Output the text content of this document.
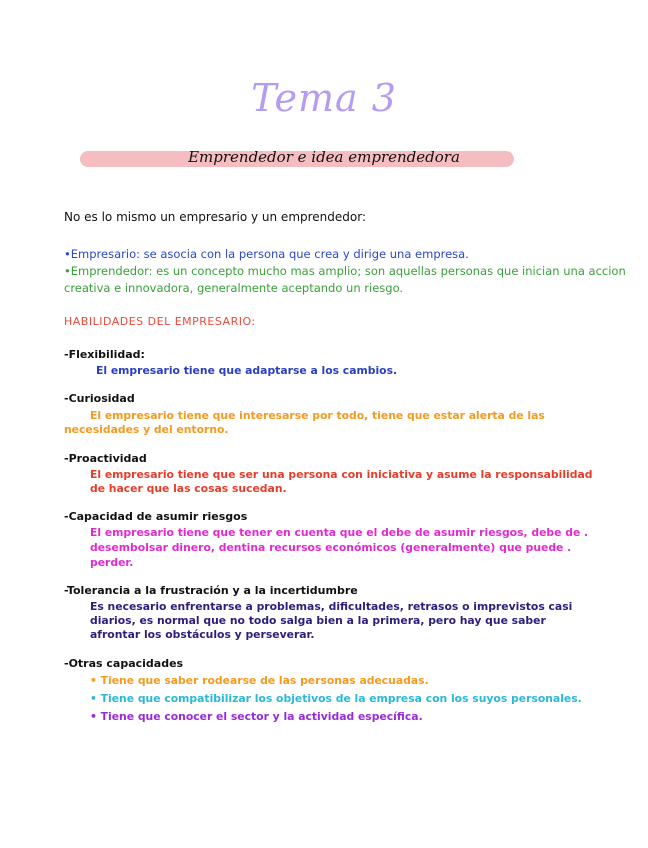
Tema 3
Emprendedor e idea emprendedora
No es lo mismo un empresario y un emprendedor:
•Empresario: se asocia con la persona que crea y dirige una empresa.
•Emprendedor: es un concepto mucho mas amplio; son aquellas personas que inician una accion
creativa e innovadora, generalmente aceptando un riesgo.
HABILIDADES DEL EMPRESARIO:
-Flexibilidad:
El empresario tiene que adaptarse a los cambios.
-Curiosidad
El empresario tiene que interesarse por todo, tiene que estar alerta de las
necesidades y del entorno.
-Proactividad
El empresario tiene que ser una persona con iniciativa y asume la responsabilidad
de hacer que las cosas sucedan.
-Capacidad de asumir riesgos
El empresario tiene que tener en cuenta que el debe de asumir riesgos, debe de .
desembolsar dinero, dentina recursos económicos (generalmente) que puede .
perder.
-Tolerancia a la frustración y a la incertidumbre
Es necesario enfrentarse a problemas, dificultades, retrasos o imprevistos casi
diarios, es normal que no todo salga bien a la primera, pero hay que saber
afrontar los obstáculos y perseverar.
-Otras capacidades
• Tiene que saber rodearse de las personas adecuadas.
• Tiene que compatibilizar los objetivos de la empresa con los suyos personales.
• Tiene que conocer el sector y la actividad específica.
